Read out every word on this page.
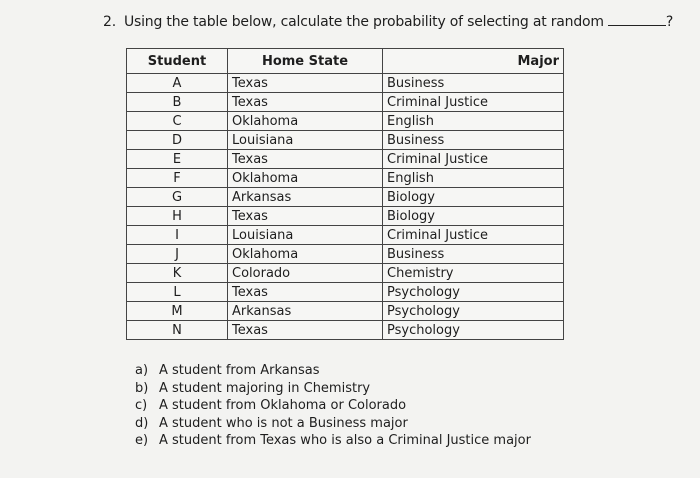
2. Using the table below, calculate the probability of selecting at random	?
Student	Home State	Major
A	Texas	Business
B	Texas	Criminal Justice
C	Oklahoma	English
D	Louisiana	Business
E	Texas	Criminal Justice
F	Oklahoma	English
G	Arkansas	Biology
H	Texas	Biology
I	Louisiana	Criminal Justice
J	Oklahoma	Business
K	Colorado	Chemistry
L	Texas	Psychology
M	Arkansas	Psychology
N	Texas	Psychology
a) A student from Arkansas
b) A student majoring in Chemistry
c) A student from Oklahoma or Colorado
d) A student who is not a Business major
e) A student from Texas who is also a Criminal Justice major
